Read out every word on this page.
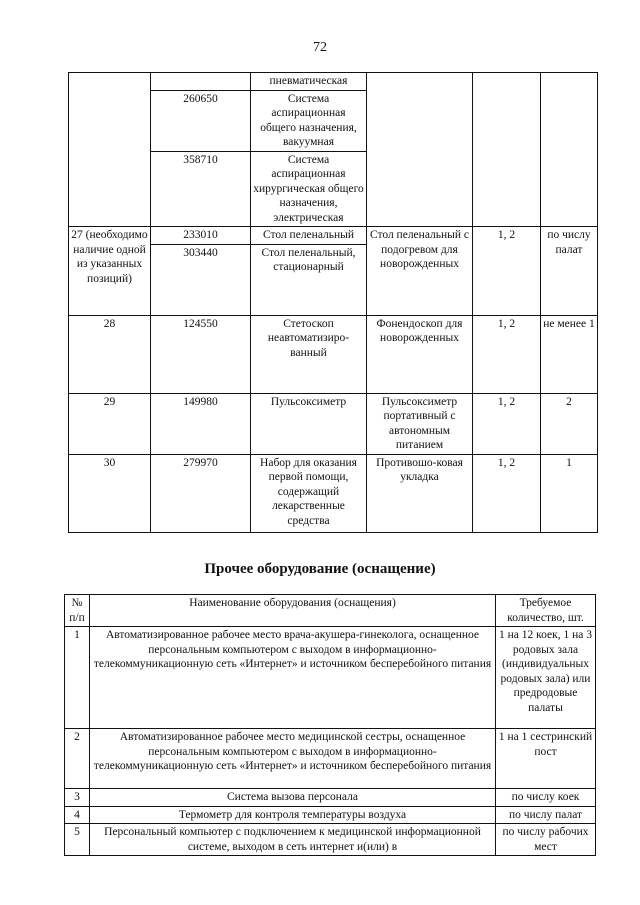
72
		пневматическая			
	260650	Система аспирационная общего назначения, вакуумная			
	358710	Система аспирационная хирургическая общего назначения, электрическая			
27 (необходимо наличие одной из указанных позиций)	233010	Стол пеленальный	Стол пеленальный с подогревом для новорожденных	1, 2	по числу палат
	303440	Стол пеленальный, стационарный			
28	124550	Стетоскоп неавтоматизиро-ванный	Фонендоскоп для новорожденных	1, 2	не менее 1
29	149980	Пульсоксиметр	Пульсоксиметр портативный с автономным питанием	1, 2	2
30	279970	Набор для оказания первой помощи, содержащий лекарственные средства	Противошо-ковая укладка	1, 2	1
Прочее оборудование (оснащение)
№ п/п	Наименование оборудования (оснащения)	Требуемое количество, шт.
1	Автоматизированное рабочее место врача-акушера-гинеколога, оснащенное персональным компьютером с выходом в информационно-телекоммуникационную сеть «Интернет» и источником бесперебойного питания	1 на 12 коек, 1 на 3 родовых зала (индивидуальных родовых зала) или предродовые палаты
2	Автоматизированное рабочее место медицинской сестры, оснащенное персональным компьютером с выходом в информационно-телекоммуникационную сеть «Интернет» и источником бесперебойного питания	1 на 1 сестринский пост
3	Система вызова персонала	по числу коек
4	Термометр для контроля температуры воздуха	по числу палат
5	Персональный компьютер с подключением к медицинской информационной системе, выходом в сеть интернет и(или) в	по числу рабочих мест
